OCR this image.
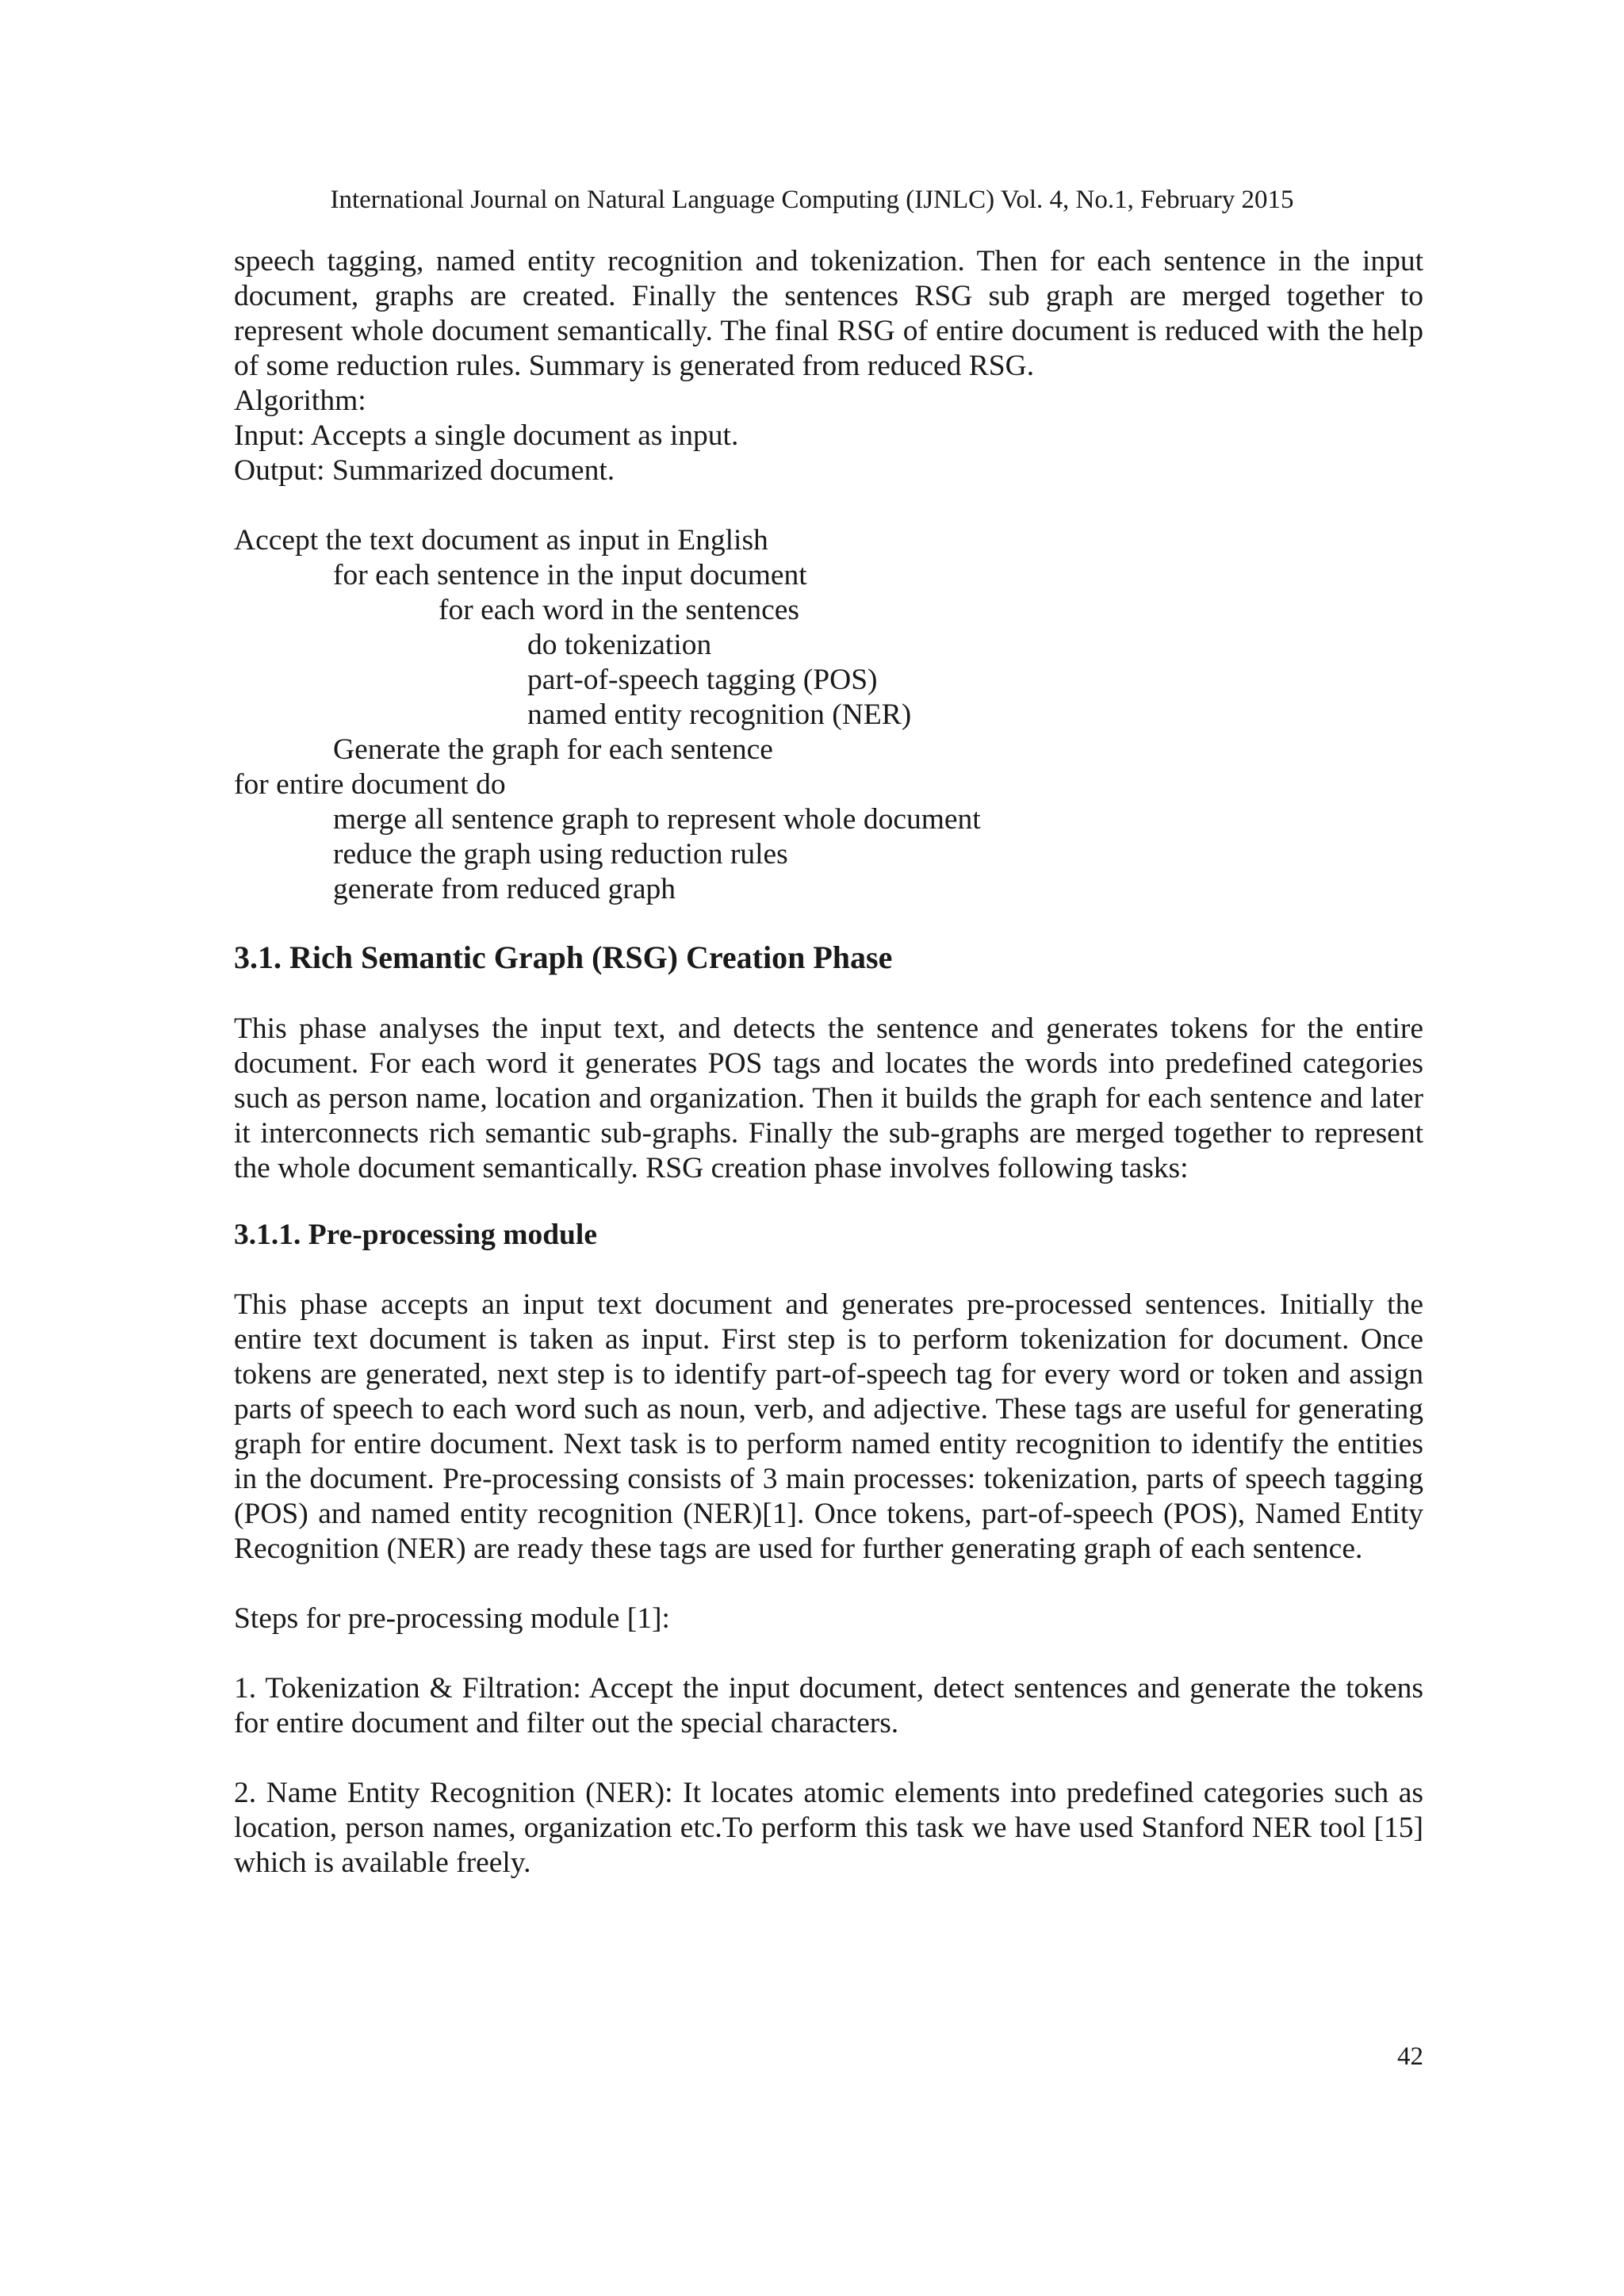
International Journal on Natural Language Computing (IJNLC) Vol. 4, No.1, February 2015

speech tagging, named entity recognition and tokenization. Then for each sentence in the input document, graphs are created. Finally the sentences RSG sub graph are merged together to represent whole document semantically. The final RSG of entire document is reduced with the help of some reduction rules. Summary is generated from reduced RSG.

Algorithm:

Input: Accepts a single document as input.

Output: Summarized document.

Accept the text document as input in English

for each sentence in the input document

for each word in the sentences

do tokenization

part-of-speech tagging (POS)

named entity recognition (NER)

Generate the graph for each sentence

for entire document do

merge all sentence graph to represent whole document

reduce the graph using reduction rules

generate from reduced graph

3.1. Rich Semantic Graph (RSG) Creation Phase

This phase analyses the input text, and detects the sentence and generates tokens for the entire document. For each word it generates POS tags and locates the words into predefined categories such as person name, location and organization. Then it builds the graph for each sentence and later it interconnects rich semantic sub-graphs. Finally the sub-graphs are merged together to represent the whole document semantically. RSG creation phase involves following tasks:

3.1.1. Pre-processing module

This phase accepts an input text document and generates pre-processed sentences. Initially the entire text document is taken as input. First step is to perform tokenization for document. Once tokens are generated, next step is to identify part-of-speech tag for every word or token and assign parts of speech to each word such as noun, verb, and adjective. These tags are useful for generating graph for entire document. Next task is to perform named entity recognition to identify the entities in the document. Pre-processing consists of 3 main processes: tokenization, parts of speech tagging (POS) and named entity recognition (NER)[1]. Once tokens, part-of-speech (POS), Named Entity Recognition (NER) are ready these tags are used for further generating graph of each sentence.

Steps for pre-processing module [1]:

1. Tokenization & Filtration: Accept the input document, detect sentences and generate the tokens for entire document and filter out the special characters.

2. Name Entity Recognition (NER): It locates atomic elements into predefined categories such as location, person names, organization etc.To perform this task we have used Stanford NER tool [15] which is available freely.

42
